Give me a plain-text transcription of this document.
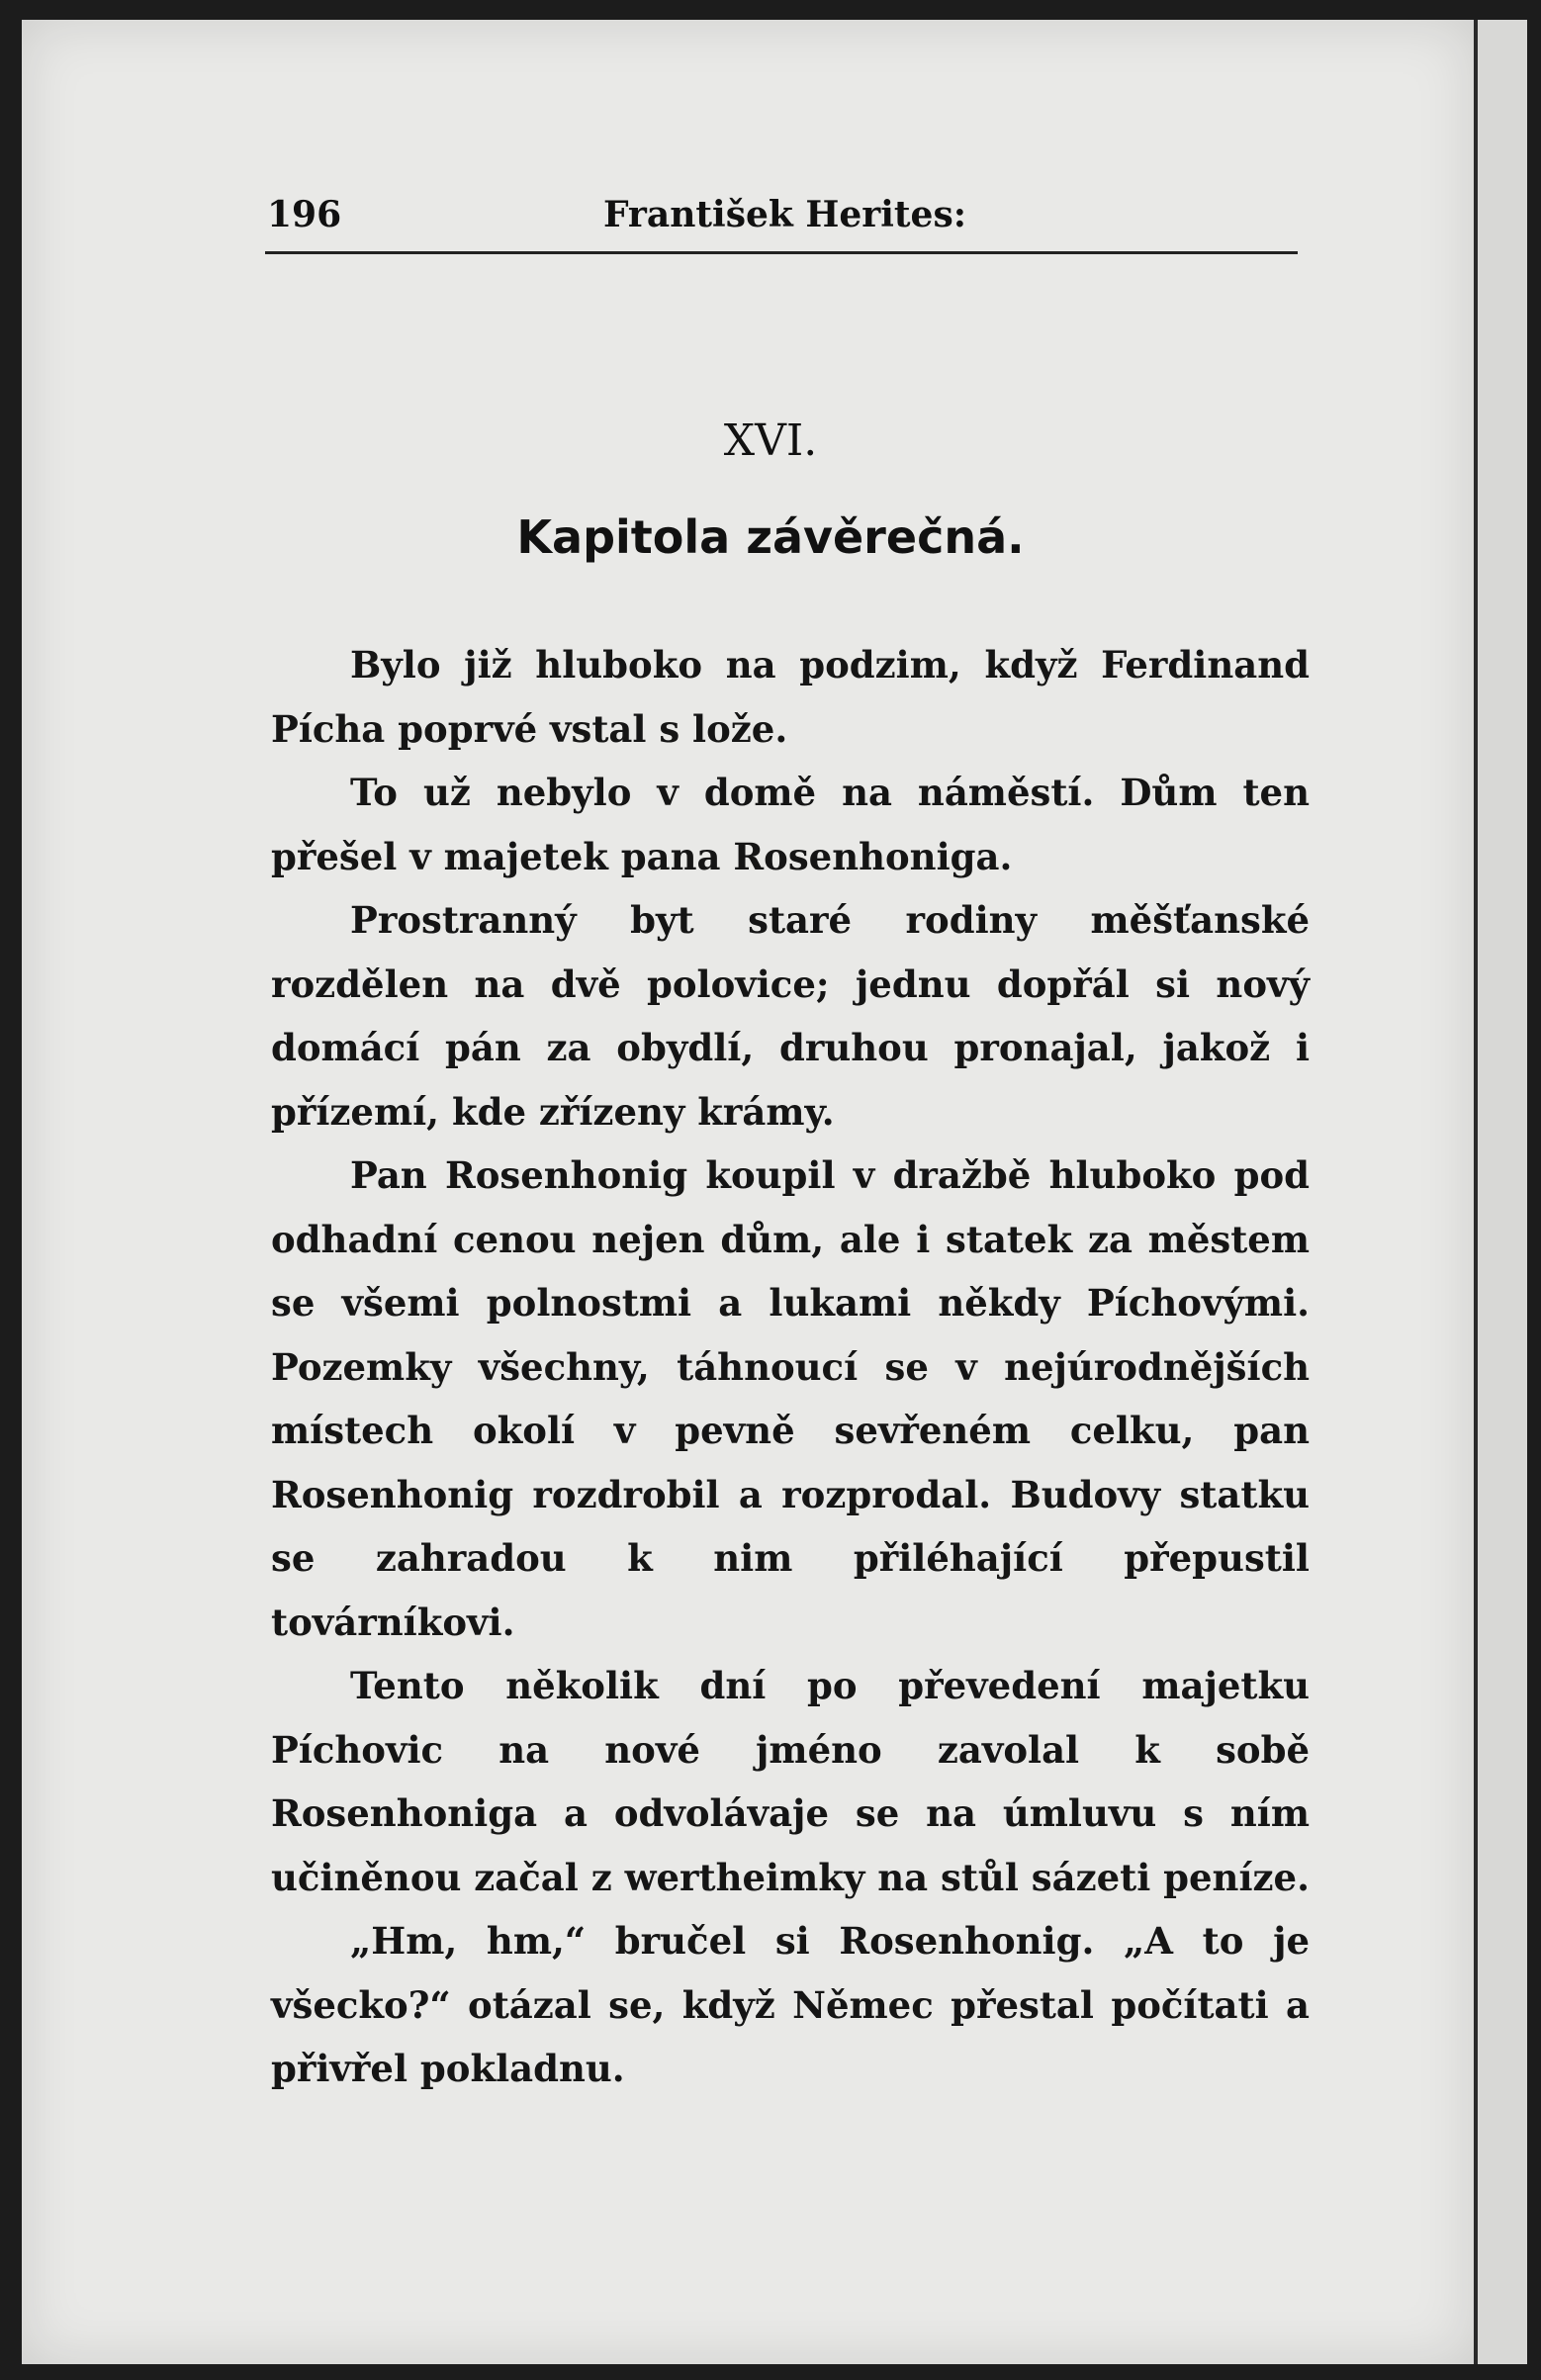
196	František Herites:
XVI.
Kapitola závěrečná.

Bylo již hluboko na podzim, když Ferdinand Pícha poprvé vstal s lože.

To už nebylo v domě na náměstí. Dům ten přešel v majetek pana Rosenhoniga.

Prostranný byt staré rodiny měšťanské rozdělen na dvě polovice; jednu dopřál si nový domácí pán za obydlí, druhou pronajal, jakož i přízemí, kde zřízeny krámy.

Pan Rosenhonig koupil v dražbě hluboko pod odhadní cenou nejen dům, ale i statek za městem se všemi polnostmi a lukami někdy Píchovými. Pozemky všechny, táhnoucí se v nejúrodnějších místech okolí v pevně sevřeném celku, pan Rosenhonig rozdrobil a rozprodal. Budovy statku se zahradou k nim přiléhající přepustil továrníkovi.

Tento několik dní po převedení majetku Píchovic na nové jméno zavolal k sobě Rosenhoniga a odvolávaje se na úmluvu s ním učiněnou začal z wertheimky na stůl sázeti peníze.

„Hm, hm,“ bručel si Rosenhonig. „A to je všecko?“ otázal se, když Němec přestal počítati a přivřel pokladnu.
